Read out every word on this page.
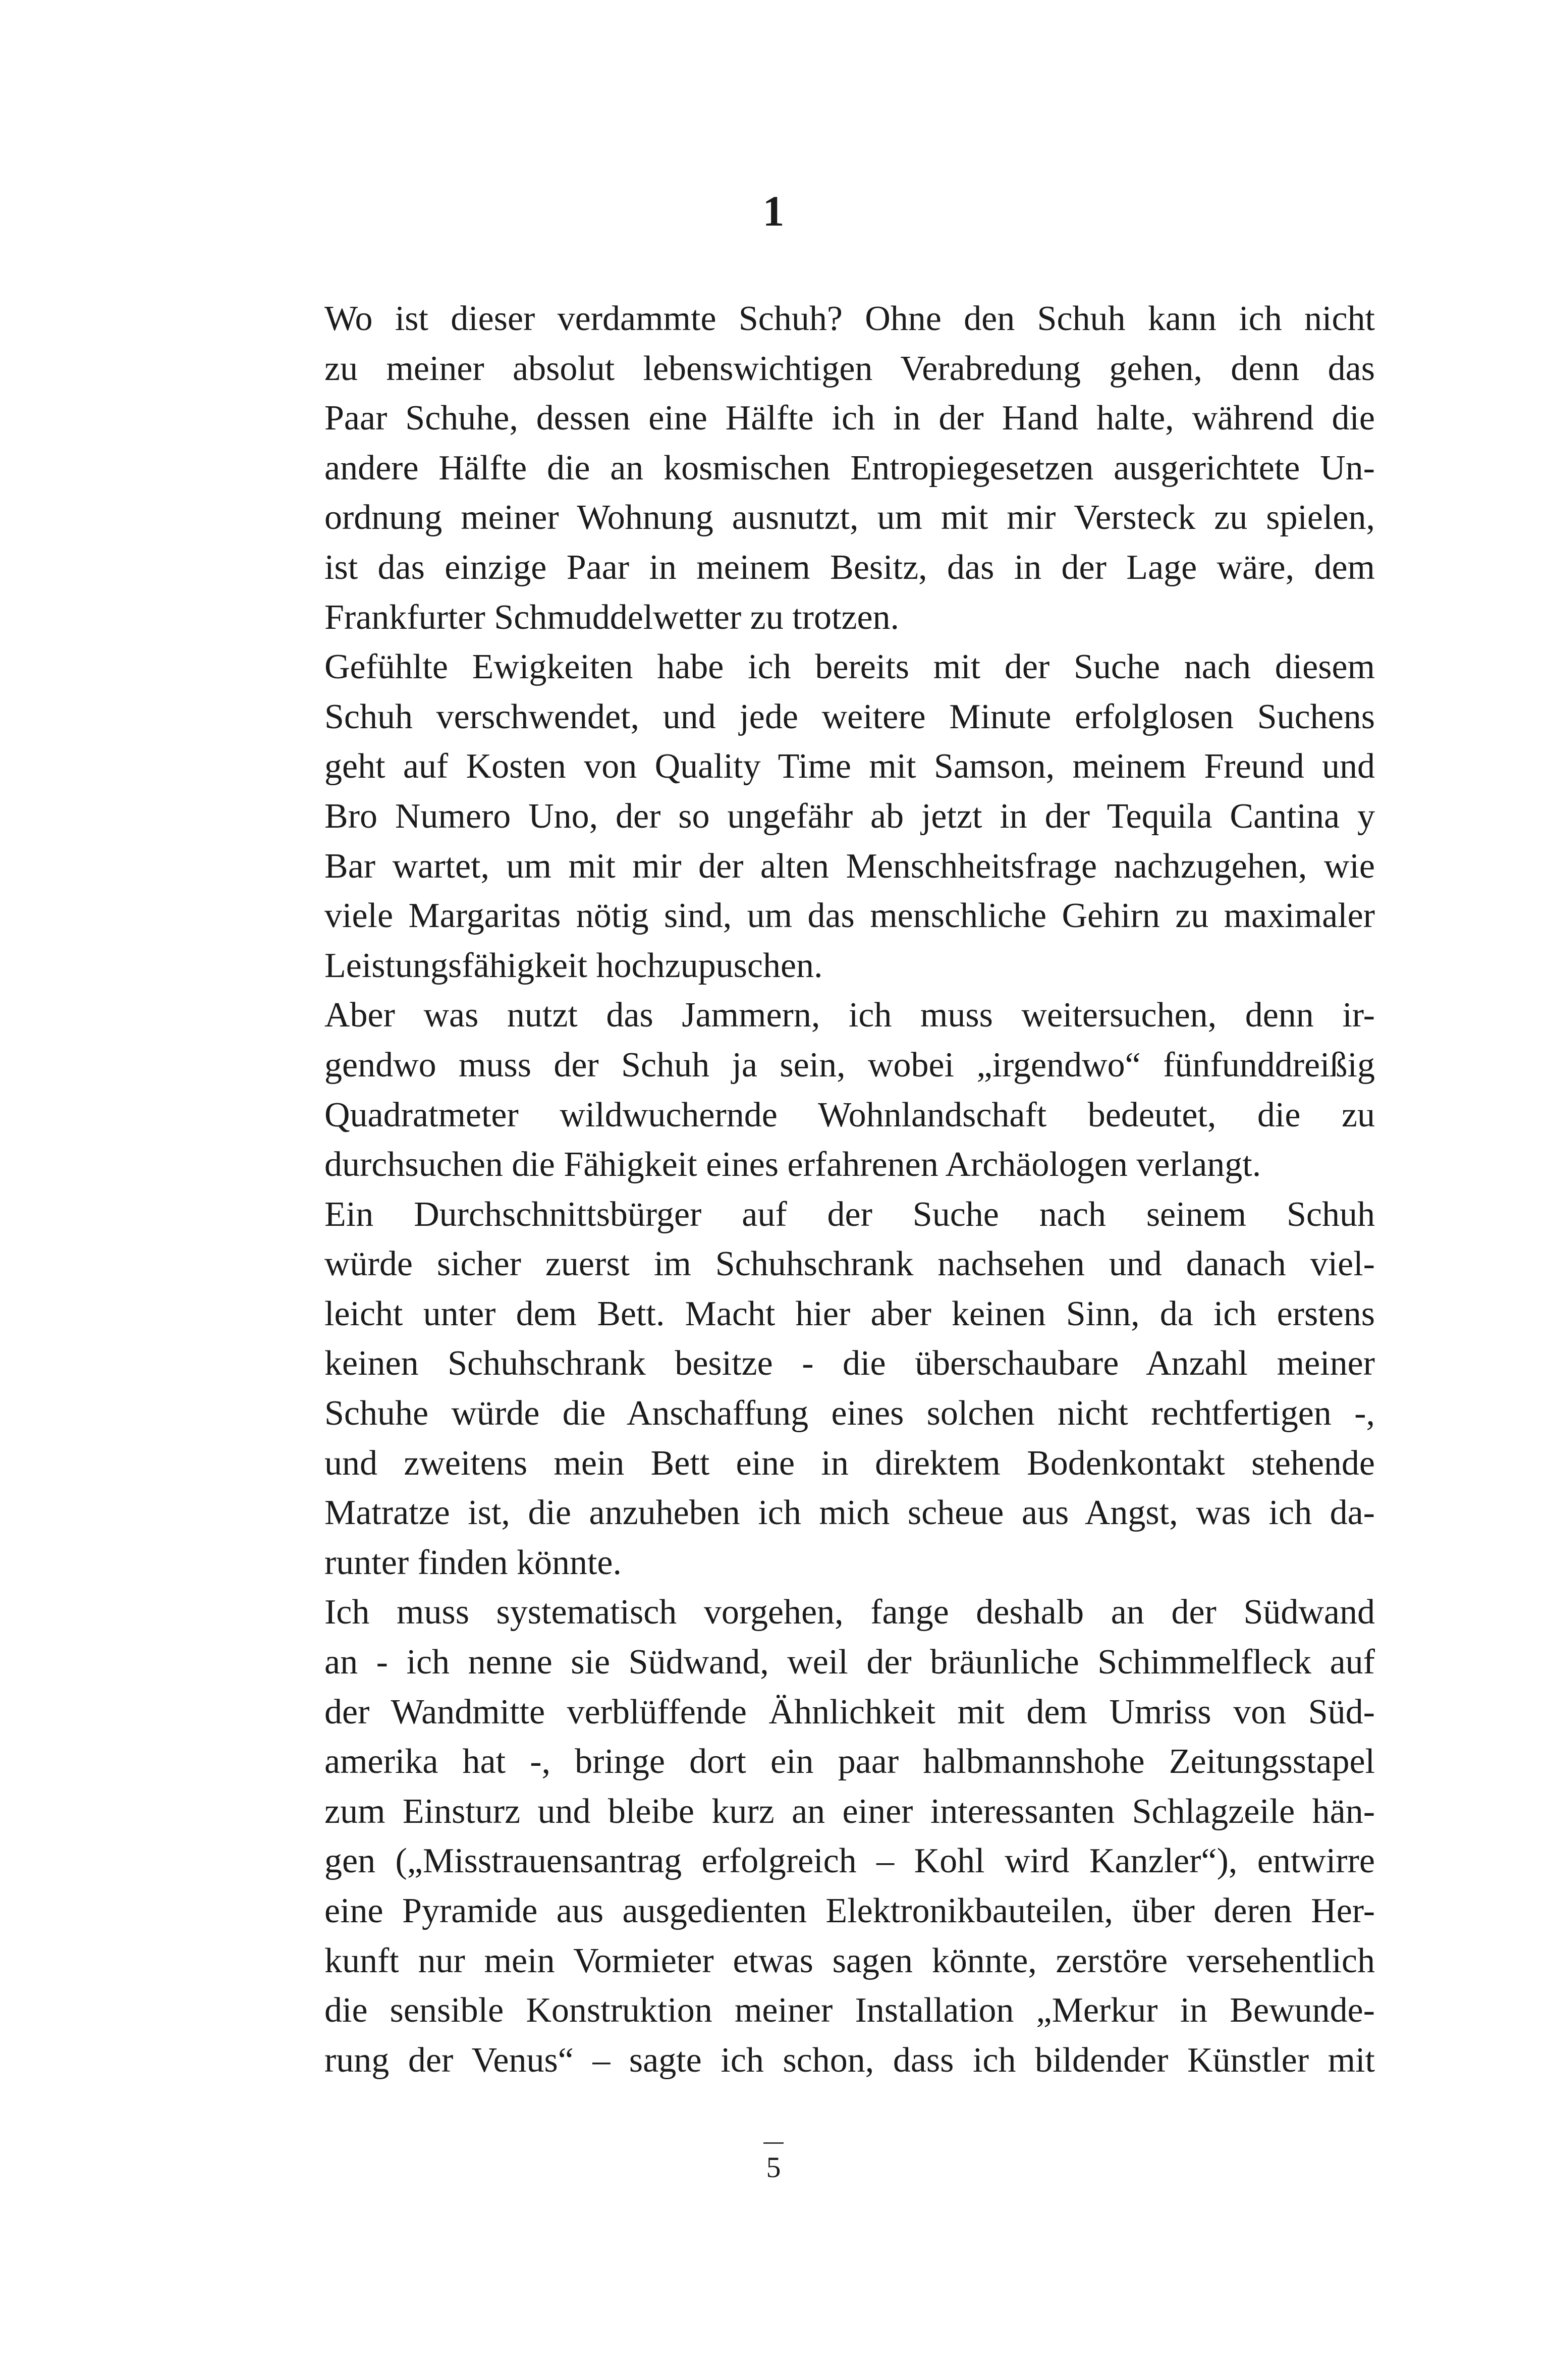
1

Wo ist dieser verdammte Schuh? Ohne den Schuh kann ich nicht
zu meiner absolut lebenswichtigen Verabredung gehen, denn das
Paar Schuhe, dessen eine Hälfte ich in der Hand halte, während die
andere Hälfte die an kosmischen Entropiegesetzen ausgerichtete Un-
ordnung meiner Wohnung ausnutzt, um mit mir Versteck zu spielen,
ist das einzige Paar in meinem Besitz, das in der Lage wäre, dem
Frankfurter Schmuddelwetter zu trotzen.

Gefühlte Ewigkeiten habe ich bereits mit der Suche nach diesem
Schuh verschwendet, und jede weitere Minute erfolglosen Suchens
geht auf Kosten von Quality Time mit Samson, meinem Freund und
Bro Numero Uno, der so ungefähr ab jetzt in der Tequila Cantina y
Bar wartet, um mit mir der alten Menschheitsfrage nachzugehen, wie
viele Margaritas nötig sind, um das menschliche Gehirn zu maximaler
Leistungsfähigkeit hochzupuschen.

Aber was nutzt das Jammern, ich muss weitersuchen, denn ir-
gendwo muss der Schuh ja sein, wobei „irgendwo“ fünfunddreißig
Quadratmeter wildwuchernde Wohnlandschaft bedeutet, die zu
durchsuchen die Fähigkeit eines erfahrenen Archäologen verlangt.

Ein Durchschnittsbürger auf der Suche nach seinem Schuh
würde sicher zuerst im Schuhschrank nachsehen und danach viel-
leicht unter dem Bett. Macht hier aber keinen Sinn, da ich erstens
keinen Schuhschrank besitze - die überschaubare Anzahl meiner
Schuhe würde die Anschaffung eines solchen nicht rechtfertigen -,
und zweitens mein Bett eine in direktem Bodenkontakt stehende
Matratze ist, die anzuheben ich mich scheue aus Angst, was ich da-
runter finden könnte.

Ich muss systematisch vorgehen, fange deshalb an der Südwand
an - ich nenne sie Südwand, weil der bräunliche Schimmelfleck auf
der Wandmitte verblüffende Ähnlichkeit mit dem Umriss von Süd-
amerika hat -, bringe dort ein paar halbmannshohe Zeitungsstapel
zum Einsturz und bleibe kurz an einer interessanten Schlagzeile hän-
gen („Misstrauensantrag erfolgreich – Kohl wird Kanzler“), entwirre
eine Pyramide aus ausgedienten Elektronikbauteilen, über deren Her-
kunft nur mein Vormieter etwas sagen könnte, zerstöre versehentlich
die sensible Konstruktion meiner Installation „Merkur in Bewunde-
rung der Venus“ – sagte ich schon, dass ich bildender Künstler mit

5
